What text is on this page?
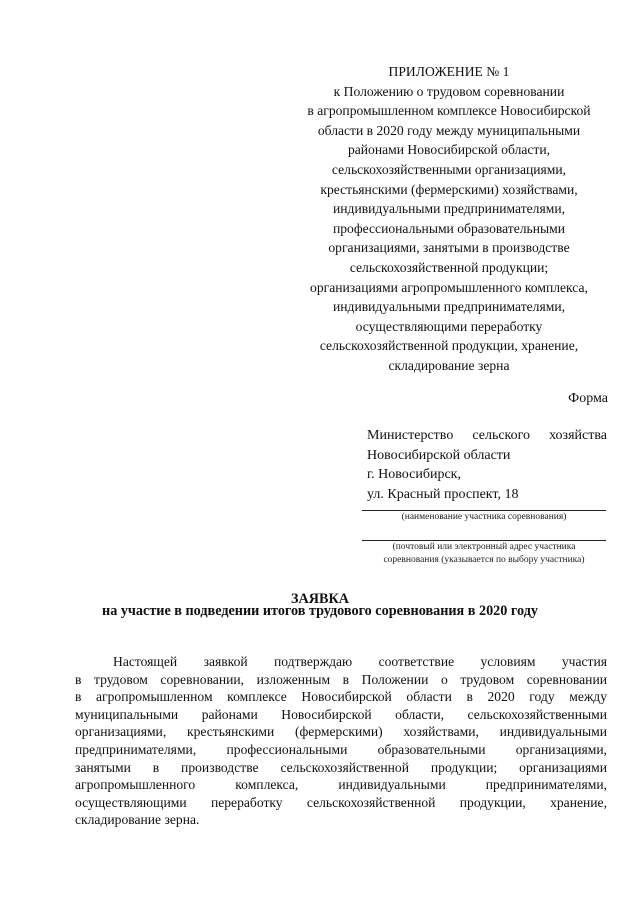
ПРИЛОЖЕНИЕ № 1
к Положению о трудовом соревновании
в агропромышленном комплексе Новосибирской
области в 2020 году между муниципальными
районами Новосибирской области,
сельскохозяйственными организациями,
крестьянскими (фермерскими) хозяйствами,
индивидуальными предпринимателями,
профессиональными образовательными
организациями, занятыми в производстве
сельскохозяйственной продукции;
организациями агропромышленного комплекса,
индивидуальными предпринимателями,
осуществляющими переработку
сельскохозяйственной продукции, хранение,
складирование зерна
Форма
Министерство сельского хозяйства
Новосибирской области
г. Новосибирск,
ул. Красный проспект, 18
(наименование участника соревнования)
(почтовый или электронный адрес участника
соревнования (указывается по выбору участника)
ЗАЯВКА
на участие в подведении итогов трудового соревнования в 2020 году
Настоящей заявкой подтверждаю соответствие условиям участия
в трудовом соревновании, изложенным в Положении о трудовом соревновании
в агропромышленном комплексе Новосибирской области в 2020 году между
муниципальными районами Новосибирской области, сельскохозяйственными
организациями, крестьянскими (фермерскими) хозяйствами, индивидуальными
предпринимателями, профессиональными образовательными организациями,
занятыми в производстве сельскохозяйственной продукции; организациями
агропромышленного комплекса, индивидуальными предпринимателями,
осуществляющими переработку сельскохозяйственной продукции, хранение,
складирование зерна.
